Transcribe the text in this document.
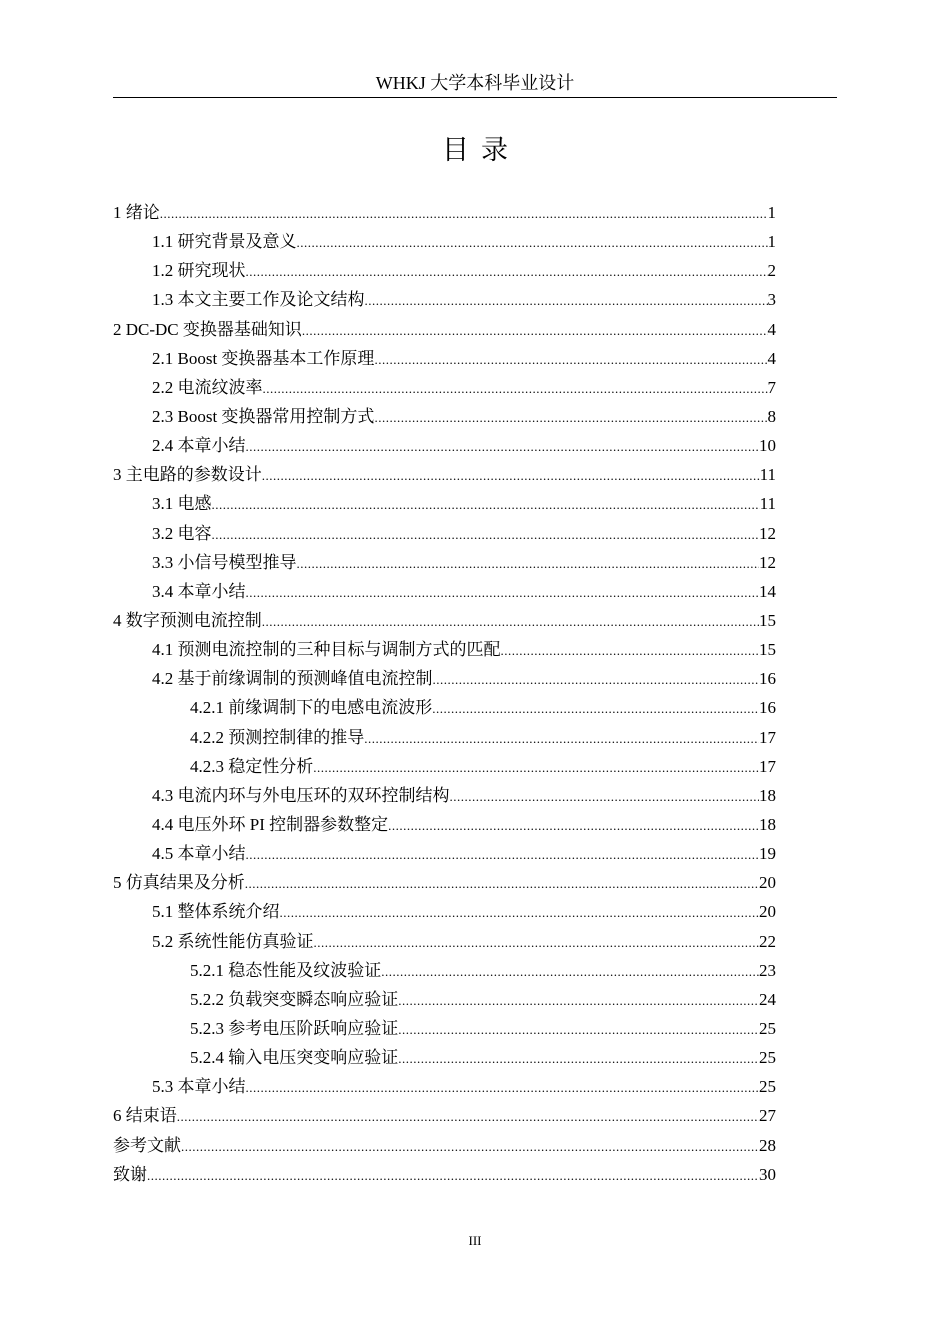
WHKJ 大学本科毕业设计
目录
1 绪论 .....	1
1.1 研究背景及意义 .....	1
1.2 研究现状 .....	2
1.3 本文主要工作及论文结构 .....	3
2 DC-DC 变换器基础知识 .....	4
2.1 Boost 变换器基本工作原理 .....	4
2.2 电流纹波率 .....	7
2.3 Boost 变换器常用控制方式 .....	8
2.4 本章小结 .....	10
3 主电路的参数设计 .....	11
3.1 电感 .....	11
3.2 电容 .....	12
3.3 小信号模型推导 .....	12
3.4 本章小结 .....	14
4 数字预测电流控制 .....	15
4.1 预测电流控制的三种目标与调制方式的匹配 .....	15
4.2 基于前缘调制的预测峰值电流控制 .....	16
4.2.1 前缘调制下的电感电流波形 .....	16
4.2.2 预测控制律的推导 .....	17
4.2.3 稳定性分析 .....	17
4.3 电流内环与外电压环的双环控制结构 .....	18
4.4 电压外环 PI 控制器参数整定 .....	18
4.5 本章小结 .....	19
5 仿真结果及分析 .....	20
5.1 整体系统介绍 .....	20
5.2 系统性能仿真验证 .....	22
5.2.1 稳态性能及纹波验证 .....	23
5.2.2 负载突变瞬态响应验证 .....	24
5.2.3 参考电压阶跃响应验证 .....	25
5.2.4 输入电压突变响应验证 .....	25
5.3 本章小结 .....	25
6 结束语 .....	27
参考文献 .....	28
致谢 .....	30
III
